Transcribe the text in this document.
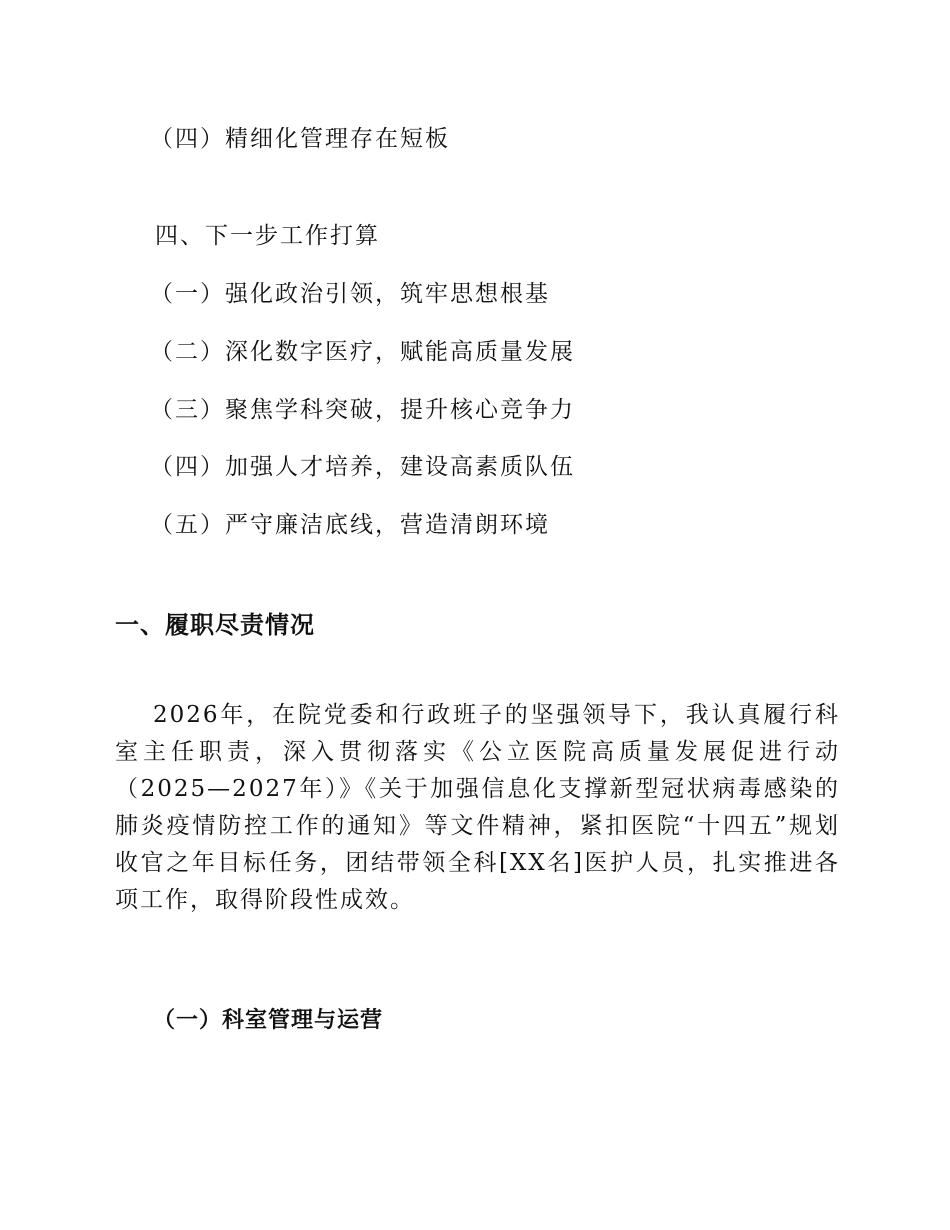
（四）精细化管理存在短板
四、下一步工作打算
（一）强化政治引领，筑牢思想根基
（二）深化数字医疗，赋能高质量发展
（三）聚焦学科突破，提升核心竞争力
（四）加强人才培养，建设高素质队伍
（五）严守廉洁底线，营造清朗环境
一、履职尽责情况
2026年，在院党委和行政班子的坚强领导下，我认真履行科室主任职责，深入贯彻落实《公立医院高质量发展促进行动（2025—2027年）》《关于加强信息化支撑新型冠状病毒感染的肺炎疫情防控工作的通知》等文件精神，紧扣医院“十四五”规划收官之年目标任务，团结带领全科[XX名]医护人员，扎实推进各项工作，取得阶段性成效。
（一）科室管理与运营
